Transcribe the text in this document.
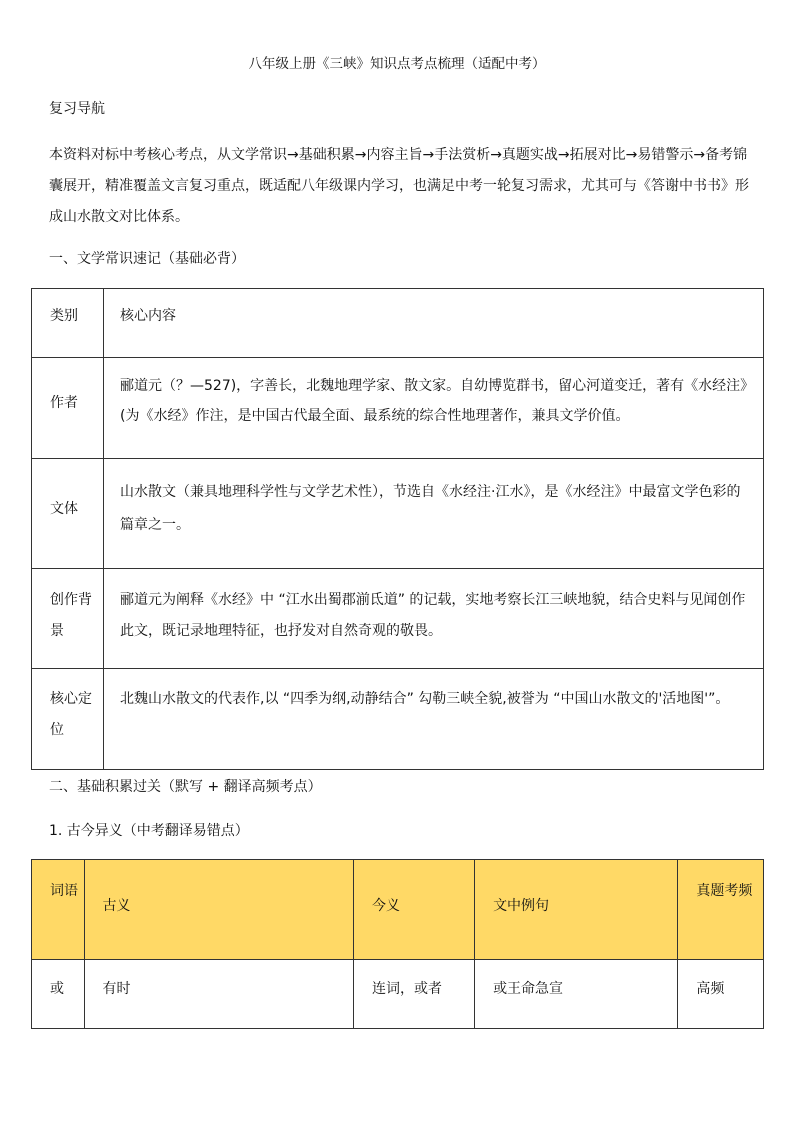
八年级上册《三峡》知识点考点梳理（适配中考）
复习导航
本资料对标中考核心考点，从文学常识→基础积累→内容主旨→手法赏析→真题实战→拓展对比→易错警示→备考锦囊展开，精准覆盖文言复习重点，既适配八年级课内学习，也满足中考一轮复习需求，尤其可与《答谢中书书》形成山水散文对比体系。
一、文学常识速记（基础必背）
类别	核心内容
作者	郦道元（？—527)，字善长，北魏地理学家、散文家。自幼博览群书，留心河道变迁，著有《水经注》(为《水经》作注，是中国古代最全面、最系统的综合性地理著作，兼具文学价值。
文体	山水散文（兼具地理科学性与文学艺术性），节选自《水经注·江水》，是《水经注》中最富文学色彩的篇章之一。
创作背景	郦道元为阐释《水经》中 “江水出蜀郡湔氐道” 的记载，实地考察长江三峡地貌，结合史料与见闻创作此文，既记录地理特征，也抒发对自然奇观的敬畏。
核心定位	北魏山水散文的代表作,以 “四季为纲,动静结合” 勾勒三峡全貌,被誉为 “中国山水散文的'活地图'”。
二、基础积累过关（默写 + 翻译高频考点）
1. 古今异义（中考翻译易错点）
词语	古义	今义	文中例句	真题考频
或	有时	连词，或者	或王命急宣	高频
